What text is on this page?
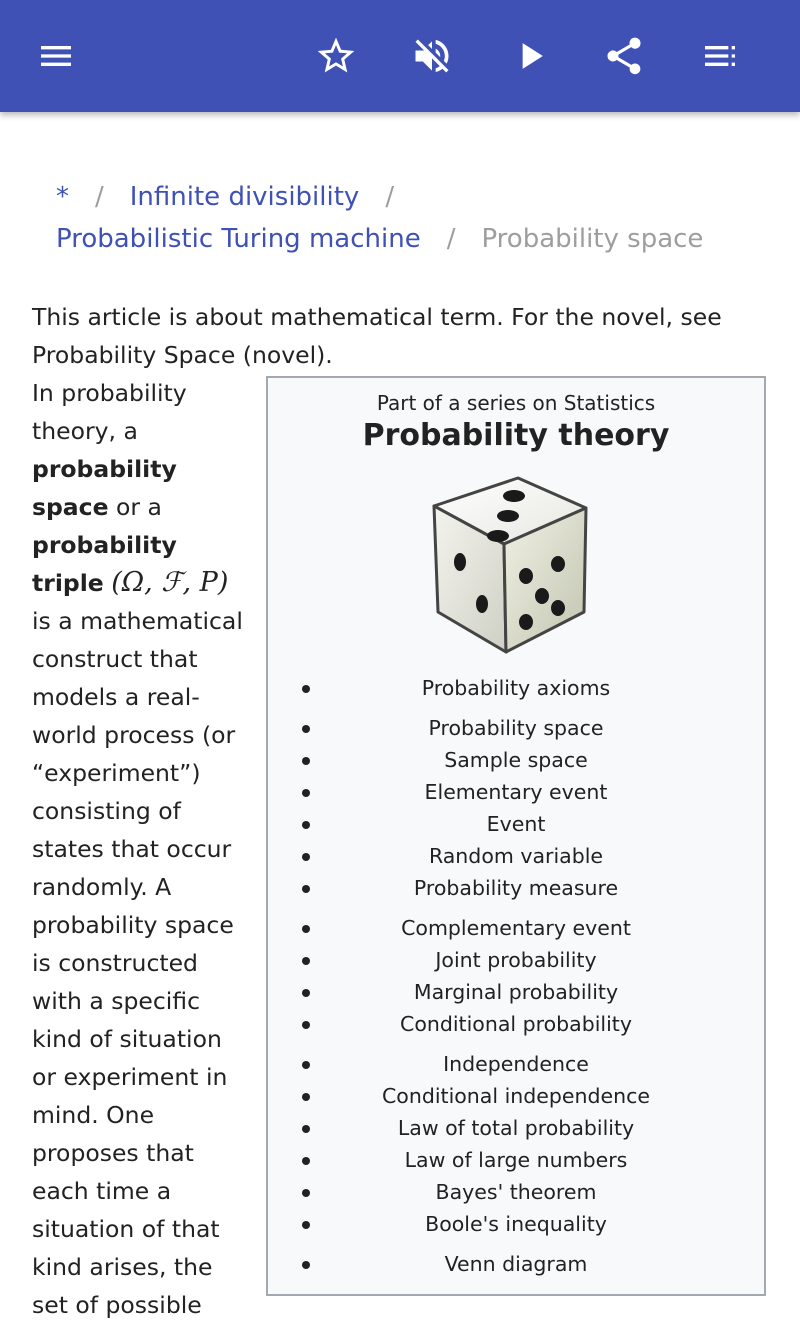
* / Infinite divisibility /
Probabilistic Turing machine / Probability space

This article is about mathematical term. For the novel, see Probability Space (novel).

In probability theory, a probability space or a probability triple (Ω, ℱ, P) is a mathematical construct that models a real-world process (or “experiment”) consisting of states that occur randomly. A probability space is constructed with a specific kind of situation or experiment in mind. One proposes that each time a situation of that kind arises, the set of possible

Part of a series on Statistics
Probability theory
Probability axioms
Probability space
Sample space
Elementary event
Event
Random variable
Probability measure
Complementary event
Joint probability
Marginal probability
Conditional probability
Independence
Conditional independence
Law of total probability
Law of large numbers
Bayes' theorem
Boole's inequality
Venn diagram
